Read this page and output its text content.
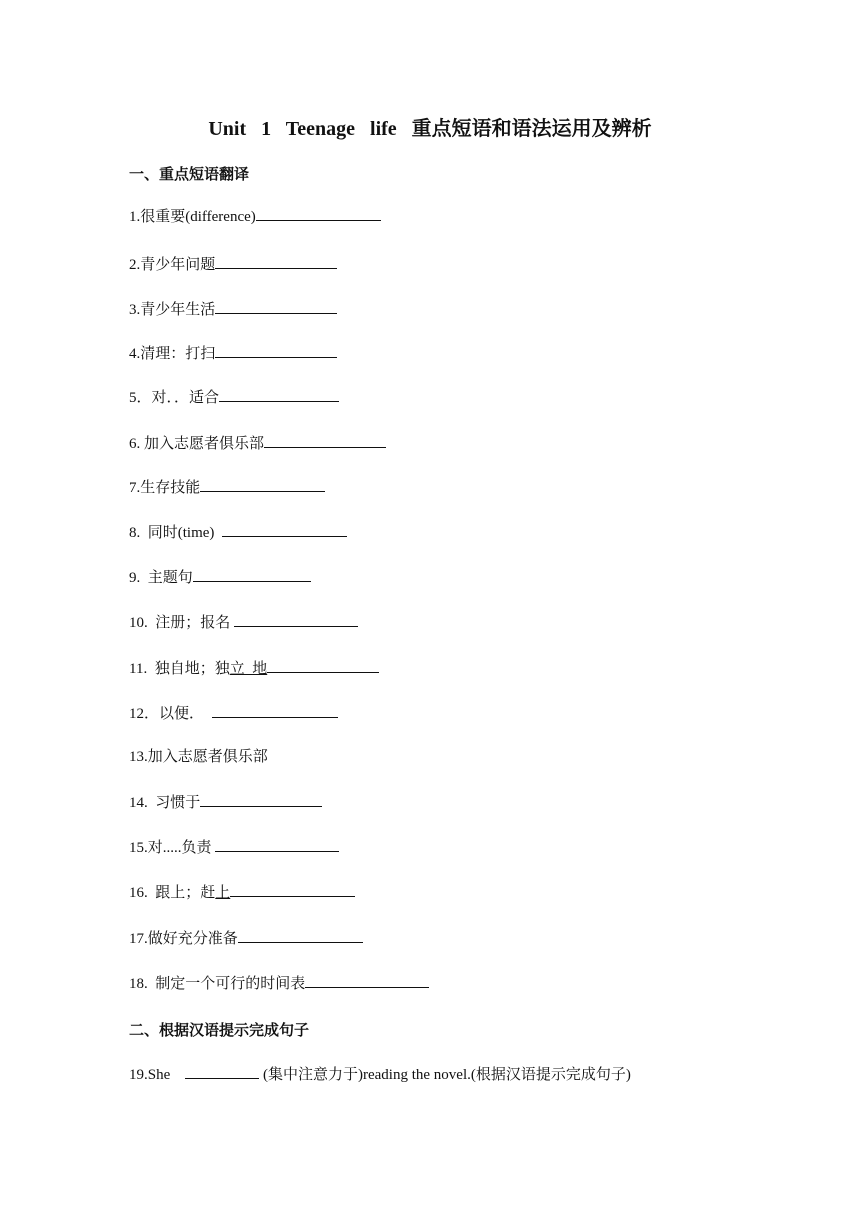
Unit   1   Teenage   life   重点短语和语法运用及辨析
一、重点短语翻译
1.很重要(difference)
2.青少年问题
3.青少年生活
4.清理：打扫
5．对．．适合
6. 加入志愿者俱乐部
7.生存技能
8.  同时(time)
9.  主题句
10.  注册；报名
11.  独自地；独立  地
12．以便．
13.加入志愿者俱乐部
14.  习惯于
15.对.....负责
16.  跟上；赶上
17.做好充分准备
18.  制定一个可行的时间表
二、根据汉语提示完成句子
19.She	(集中注意力于)reading the novel.(根据汉语提示完成句子)
